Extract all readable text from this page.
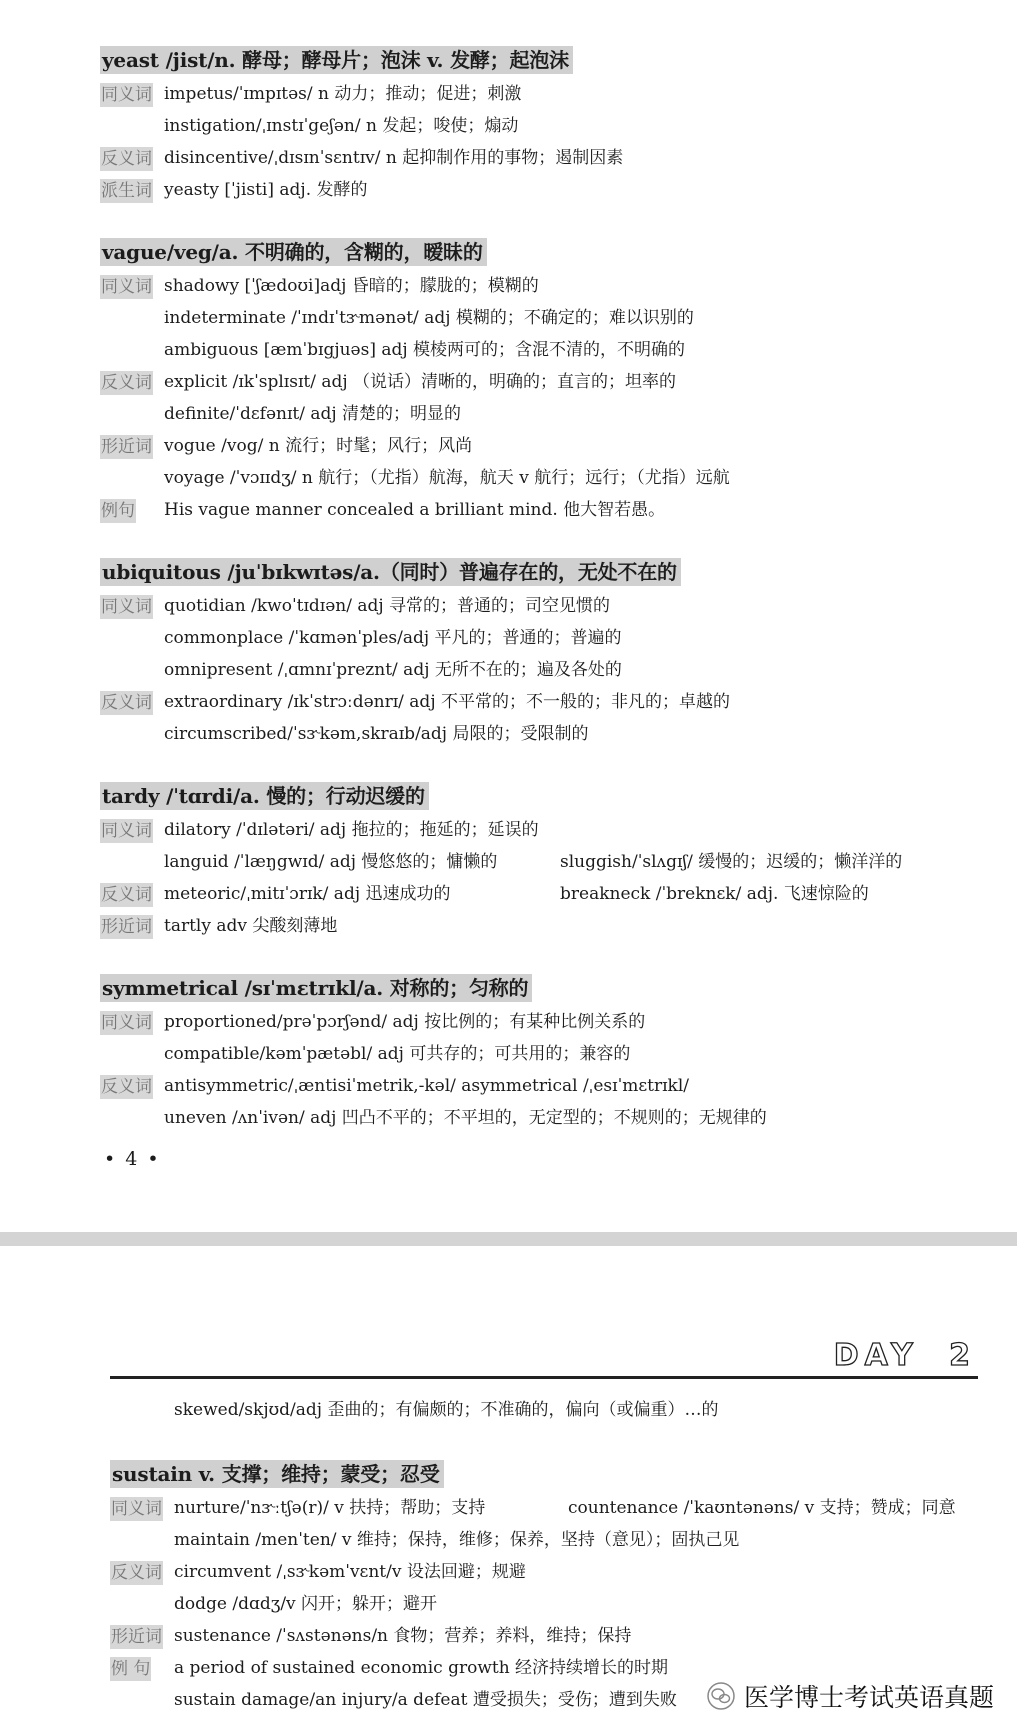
yeast /jist/n. 酵母；酵母片；泡沫 v. 发酵；起泡沫
同义词 impetus/ˈɪmpɪtəs/ n 动力；推动；促进；刺激
instigation/ˌɪnstɪˈgeʃən/ n 发起；唆使；煽动
反义词 disincentive/ˌdɪsɪnˈsɛntɪv/ n 起抑制作用的事物；遏制因素
派生词 yeasty [ˈjisti] adj. 发酵的
vague/veg/a. 不明确的，含糊的，暧昧的
同义词 shadowy [ˈʃædoʊi]adj 昏暗的；朦胧的；模糊的
indeterminate /ˈɪndɪˈtɝmənət/ adj 模糊的；不确定的；难以识别的
ambiguous [æmˈbɪgjuəs] adj 模棱两可的；含混不清的，不明确的
反义词 explicit /ɪkˈsplɪsɪt/ adj （说话）清晰的，明确的；直言的；坦率的
definite/ˈdɛfənɪt/ adj 清楚的；明显的
形近词 vogue /vog/ n 流行；时髦；风行；风尚
voyage /ˈvɔɪɪdʒ/ n 航行；（尤指）航海，航天 v 航行；远行；（尤指）远航
例句 His vague manner concealed a brilliant mind. 他大智若愚。
ubiquitous /juˈbɪkwɪtəs/a.（同时）普遍存在的，无处不在的
同义词 quotidian /kwoˈtɪdɪən/ adj 寻常的；普通的；司空见惯的
commonplace /ˈkɑmənˈples/adj 平凡的；普通的；普遍的
omnipresent /ˌɑmnɪˈpreznt/ adj 无所不在的；遍及各处的
反义词 extraordinary /ɪkˈstrɔːdənrɪ/ adj 不平常的；不一般的；非凡的；卓越的
circumscribed/ˈsɝkəm,skraɪb/adj 局限的；受限制的
tardy /ˈtɑrdi/a. 慢的；行动迟缓的
同义词 dilatory /ˈdɪlətəri/ adj 拖拉的；拖延的；延误的
languid /ˈlæŋgwɪd/ adj 慢悠悠的；慵懒的	sluggish/ˈslʌgɪʃ/ 缓慢的；迟缓的；懒洋洋的
反义词 meteoric/ˌmitɪˈɔrɪk/ adj 迅速成功的	breakneck /ˈbreknɛk/ adj. 飞速惊险的
形近词 tartly adv 尖酸刻薄地
symmetrical /sɪˈmɛtrɪkl/a. 对称的；匀称的
同义词 proportioned/prəˈpɔrʃənd/ adj 按比例的；有某种比例关系的
compatible/kəmˈpætəbl/ adj 可共存的；可共用的；兼容的
反义词 antisymmetric/ˌæntisiˈmetrik,-kəl/ asymmetrical /ˌesɪˈmɛtrɪkl/
uneven /ʌnˈivən/ adj 凹凸不平的；不平坦的，无定型的；不规则的；无规律的
• 4 •
DAY 2
skewed/skjʊd/adj 歪曲的；有偏颇的；不准确的，偏向（或偏重）…的
sustain v. 支撑；维持；蒙受；忍受
同义词 nurture/ˈnɝːtʃə(r)/ v 扶持；帮助；支持	countenance /ˈkaʊntənəns/ v 支持；赞成；同意
maintain /menˈten/ v 维持；保持，维修；保养，坚持（意见）；固执己见
反义词 circumvent /ˌsɝkəmˈvɛnt/v 设法回避；规避
dodge /dɑdʒ/v 闪开；躲开；避开
形近词 sustenance /ˈsʌstənəns/n 食物；营养；养料，维持；保持
例 句 a period of sustained economic growth 经济持续增长的时期
sustain damage/an injury/a defeat 遭受损失；受伤；遭到失败	医学博士考试英语真题
